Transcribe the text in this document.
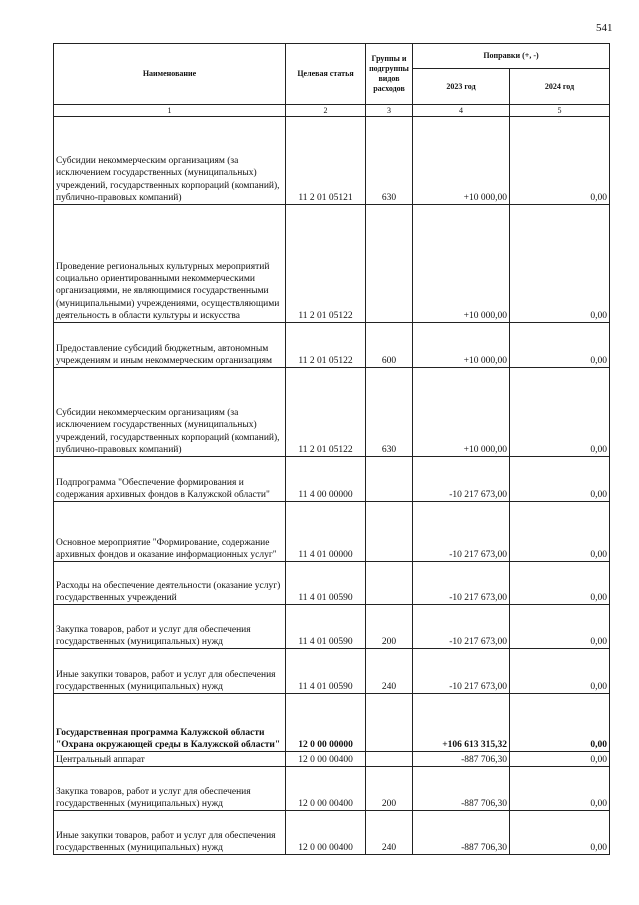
541
Наименование	Целевая статья	Группы и подгруппы видов расходов	Поправки (+, -)	
			2023 год	2024 год
1	2	3	4	5
Субсидии некоммерческим организациям (за исключением государственных (муниципальных) учреждений, государственных корпораций (компаний), публично-правовых компаний)	11 2 01 05121	630	+10 000,00	0,00
Проведение региональных культурных мероприятий социально ориентированными некоммерческими организациями, не являющимися государственными (муниципальными) учреждениями, осуществляющими деятельность в области культуры и искусства	11 2 01 05122		+10 000,00	0,00
Предоставление субсидий бюджетным, автономным учреждениям и иным некоммерческим организациям	11 2 01 05122	600	+10 000,00	0,00
Субсидии некоммерческим организациям (за исключением государственных (муниципальных) учреждений, государственных корпораций (компаний), публично-правовых компаний)	11 2 01 05122	630	+10 000,00	0,00
Подпрограмма "Обеспечение формирования и содержания архивных фондов в Калужской области"	11 4 00 00000		-10 217 673,00	0,00
Основное мероприятие "Формирование, содержание архивных фондов и оказание информационных услуг"	11 4 01 00000		-10 217 673,00	0,00
Расходы на обеспечение деятельности (оказание услуг) государственных учреждений	11 4 01 00590		-10 217 673,00	0,00
Закупка товаров, работ и услуг для обеспечения государственных (муниципальных) нужд	11 4 01 00590	200	-10 217 673,00	0,00
Иные закупки товаров, работ и услуг для обеспечения государственных (муниципальных) нужд	11 4 01 00590	240	-10 217 673,00	0,00
Государственная программа Калужской области "Охрана окружающей среды в Калужской области"	12 0 00 00000		+106 613 315,32	0,00
Центральный аппарат	12 0 00 00400		-887 706,30	0,00
Закупка товаров, работ и услуг для обеспечения государственных (муниципальных) нужд	12 0 00 00400	200	-887 706,30	0,00
Иные закупки товаров, работ и услуг для обеспечения государственных (муниципальных) нужд	12 0 00 00400	240	-887 706,30	0,00
